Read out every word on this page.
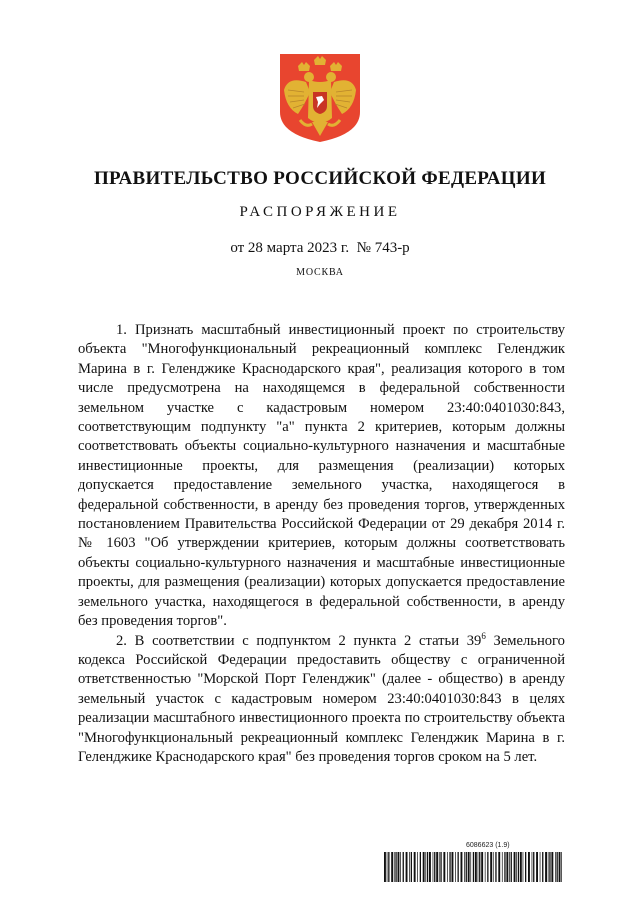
ПРАВИТЕЛЬСТВО РОССИЙСКОЙ ФЕДЕРАЦИИ
РАСПОРЯЖЕНИЕ
от 28 марта 2023 г.  № 743-р
МОСКВА

1. Признать масштабный инвестиционный проект по строительству объекта "Многофункциональный рекреационный комплекс Геленджик Марина в г. Геленджике Краснодарского края", реализация которого в том числе предусмотрена на находящемся в федеральной собственности земельном участке с кадастровым номером 23:40:0401030:843, соответствующим подпункту "а" пункта 2 критериев, которым должны соответствовать объекты социально-культурного назначения и масштабные инвестиционные проекты, для размещения (реализации) которых допускается предоставление земельного участка, находящегося в федеральной собственности, в аренду без проведения торгов, утвержденных постановлением Правительства Российской Федерации от 29 декабря 2014 г. № 1603 "Об утверждении критериев, которым должны соответствовать объекты социально-культурного назначения и масштабные инвестиционные проекты, для размещения (реализации) которых допускается предоставление земельного участка, находящегося в федеральной собственности, в аренду без проведения торгов".

2. В соответствии с подпунктом 2 пункта 2 статьи $39^6$ Земельного кодекса Российской Федерации предоставить обществу с ограниченной ответственностью "Морской Порт Геленджик" (далее - общество) в аренду земельный участок с кадастровым номером 23:40:0401030:843 в целях реализации масштабного инвестиционного проекта по строительству объекта "Многофункциональный рекреационный комплекс Геленджик Марина в г. Геленджике Краснодарского края" без проведения торгов сроком на 5 лет.

6086623 (1.9)
